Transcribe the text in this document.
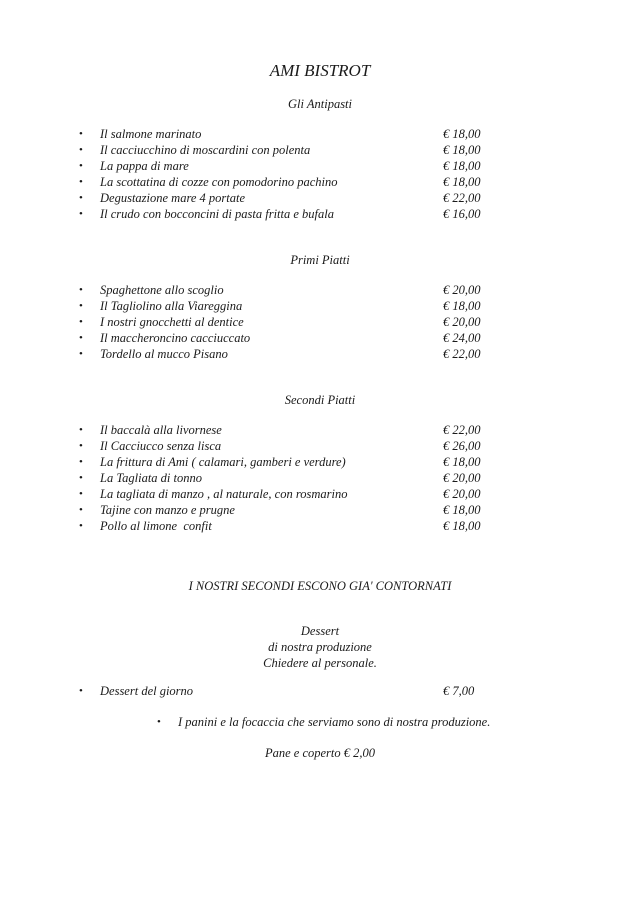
AMI BISTROT
Gli Antipasti
• Il salmone marinato	€ 18,00
• Il cacciucchino di moscardini con polenta	€ 18,00
• La pappa di mare	€ 18,00
• La scottatina di cozze con pomodorino pachino	€ 18,00
• Degustazione mare 4 portate	€ 22,00
• Il crudo con bocconcini di pasta fritta e bufala	€ 16,00
Primi Piatti
• Spaghettone allo scoglio	€ 20,00
• Il Tagliolino alla Viareggina	€ 18,00
• I nostri gnocchetti al dentice	€ 20,00
• Il maccheroncino cacciuccato	€ 24,00
• Tordello al mucco Pisano	€ 22,00
Secondi Piatti
• Il baccalà alla livornese	€ 22,00
• Il Cacciucco senza lisca	€ 26,00
• La frittura di Ami ( calamari, gamberi e verdure)	€ 18,00
• La Tagliata di tonno	€ 20,00
• La tagliata di manzo , al naturale, con rosmarino	€ 20,00
• Tajine con manzo e prugne	€ 18,00
• Pollo al limone  confit	€ 18,00
I NOSTRI SECONDI ESCONO GIA' CONTORNATI
Dessert
di nostra produzione
Chiedere al personale.
• Dessert del giorno	€ 7,00
• I panini e la focaccia che serviamo sono di nostra produzione.
Pane e coperto € 2,00
